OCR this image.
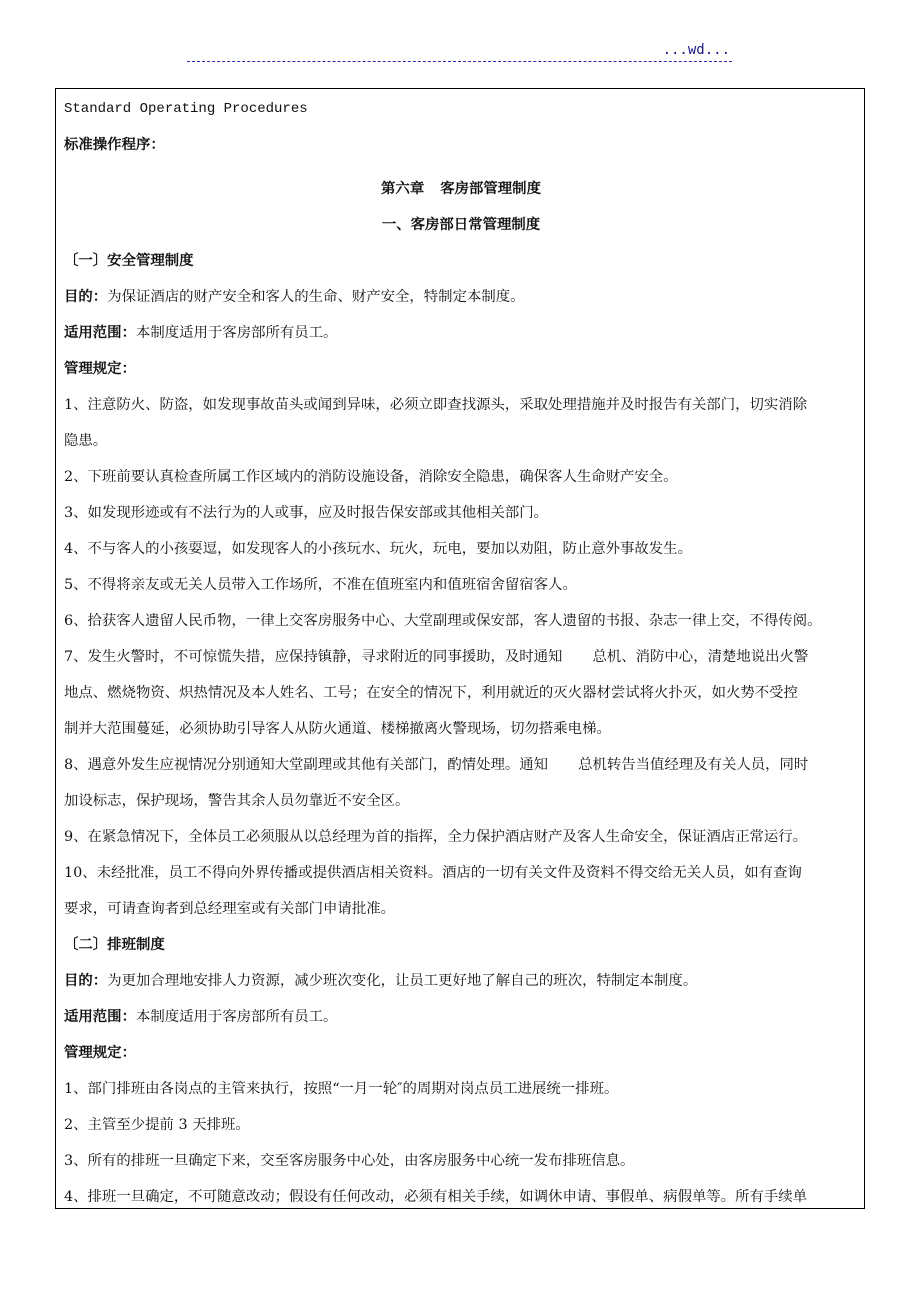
...wd...
Standard Operating Procedures
标准操作程序：
第六章 客房部管理制度
一、客房部日常管理制度
〔一〕安全管理制度
目的：为保证酒店的财产安全和客人的生命、财产安全，特制定本制度。
适用范围：本制度适用于客房部所有员工。
管理规定：
1、注意防火、防盗，如发现事故苗头或闻到异味，必须立即查找源头，采取处理措施并及时报告有关部门，切实消除
隐患。
2、下班前要认真检查所属工作区域内的消防设施设备，消除安全隐患，确保客人生命财产安全。
3、如发现形迹或有不法行为的人或事，应及时报告保安部或其他相关部门。
4、不与客人的小孩耍逗，如发现客人的小孩玩水、玩火，玩电，要加以劝阻，防止意外事故发生。
5、不得将亲友或无关人员带入工作场所，不准在值班室内和值班宿舍留宿客人。
6、拾获客人遗留人民币物，一律上交客房服务中心、大堂副理或保安部，客人遗留的书报、杂志一律上交，不得传阅。
7、发生火警时，不可惊慌失措，应保持镇静，寻求附近的同事援助，及时通知 总机、消防中心，清楚地说出火警
地点、燃烧物资、炽热情况及本人姓名、工号；在安全的情况下，利用就近的灭火器材尝试将火扑灭，如火势不受控
制并大范围蔓延，必须协助引导客人从防火通道、楼梯撤离火警现场，切勿搭乘电梯。
8、遇意外发生应视情况分别通知大堂副理或其他有关部门，酌情处理。通知 总机转告当值经理及有关人员，同时
加设标志，保护现场，警告其余人员勿靠近不安全区。
9、在紧急情况下，全体员工必须服从以总经理为首的指挥，全力保护酒店财产及客人生命安全，保证酒店正常运行。
10、未经批准，员工不得向外界传播或提供酒店相关资料。酒店的一切有关文件及资料不得交给无关人员，如有查询
要求，可请查询者到总经理室或有关部门申请批准。
〔二〕排班制度
目的：为更加合理地安排人力资源，减少班次变化，让员工更好地了解自己的班次，特制定本制度。
适用范围：本制度适用于客房部所有员工。
管理规定：
1、部门排班由各岗点的主管来执行，按照“一月一轮″的周期对岗点员工进展统一排班。
2、主管至少提前 3 天排班。
3、所有的排班一旦确定下来，交至客房服务中心处，由客房服务中心统一发布排班信息。
4、排班一旦确定，不可随意改动；假设有任何改动，必须有相关手续，如调休申请、事假单、病假单等。所有手续单
